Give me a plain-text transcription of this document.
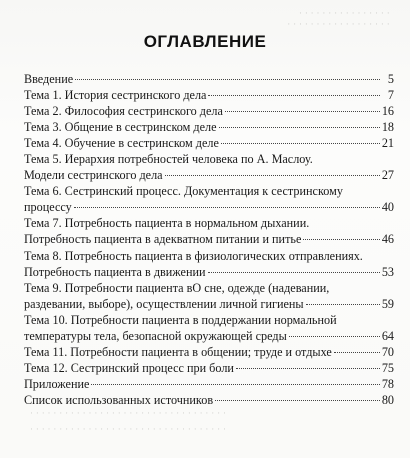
· · · · · · · · · · · · · · · ·
· · · · · · · · · · · · · · · · · ·
· · · · · · · · · · · · · · · · · · · · · · · · · · · · · · · · · ·
· · · · · · · · · · · · · · · · · · · · · · · · · · · · · · · · · ·
ОГЛАВЛЕНИЕ
Введение	5
Тема 1. История сестринского дела	7
Тема 2. Философия сестринского дела	16
Тема 3. Общение в сестринском деле	18
Тема 4. Обучение в сестринском деле	21
Тема 5. Иерархия потребностей человека по А. Маслоу.
Модели сестринского дела	27
Тема 6. Сестринский процесс. Документация к сестринскому
процессу	40
Тема 7. Потребность пациента в нормальном дыхании.
Потребность пациента в адекватном питании и питье	46
Тема 8. Потребность пациента в физиологических отправлениях.
Потребность пациента в движении	53
Тема 9. Потребности пациента вО сне, одежде (надевании,
раздевании, выборе), осуществлении личной гигиены	59
Тема 10. Потребности пациента в поддержании нормальной
температуры тела, безопасной окружающей среды	64
Тема 11. Потребности пациента в общении; труде и отдыхе	70
Тема 12. Сестринский процесс при боли	75
Приложение	78
Список использованных источников	80
